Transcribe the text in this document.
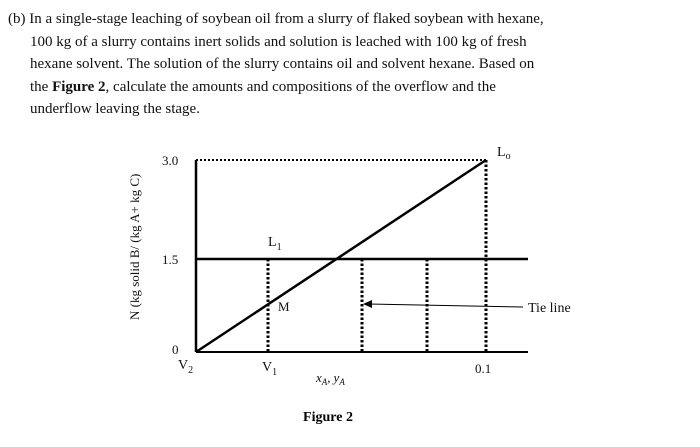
(b) In a single-stage leaching of soybean oil from a slurry of flaked soybean with hexane,
100 kg of a slurry contains inert solids and solution is leached with 100 kg of fresh
hexane solvent. The solution of the slurry contains oil and solvent hexane. Based on
the Figure 2, calculate the amounts and compositions of the overflow and the
underflow leaving the stage.

3.0
1.5
0
0.1
$L_o$
$L_1$
M
$V_1$
$V_2$
Tie line
$x_A$, $y_A$
N (kg solid B/ (kg A+ kg C)
Figure 2
